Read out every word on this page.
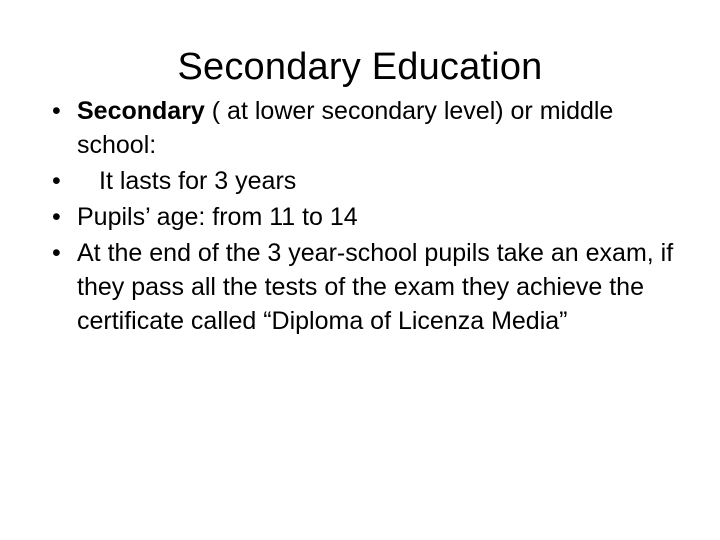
Secondary Education
• Secondary ( at lower secondary level) or middle school:
•	It lasts for 3 years
• Pupils’ age: from 11 to 14
• At the end of the 3 year-school pupils take an exam, if they pass all the tests of the exam they achieve the certificate called “Diploma of Licenza Media”
